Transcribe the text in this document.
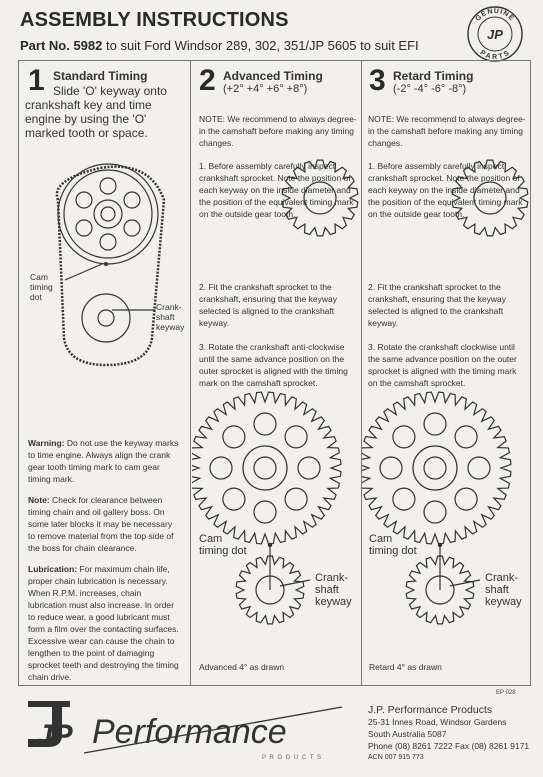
ASSEMBLY INSTRUCTIONS
Part No. 5982 to suit Ford Windsor 289, 302, 351/JP 5605 to suit EFI
GENUINE
PARTS
JP
1 Standard Timing
Slide 'O' keyway onto crankshaft key and time engine by using the 'O' marked tooth or space.
Cam timing dot
Crank-shaft keyway

Warning: Do not use the keyway marks to time engine. Always align the crank gear tooth timing mark to cam gear timing mark.

Note: Check for clearance between timing chain and oil gallery boss. On some later blocks it may be necessary to remove material from the top side of the boss for chain clearance.

Lubrication: For maximum chain life, proper chain lubrication is necessary. When R.P.M. increases, chain lubrication must also increase. In order to reduce wear, a good lubricant must form a film over the contacting surfaces. Excessive wear can cause the chain to lengthen to the point of damaging sprocket teeth and destroying the timing chain drive.

2 Advanced Timing
(+2° +4° +6° +8°)
NOTE: We recommend to always degree-in the camshaft before making any timing changes.
1. Before assembly carefully inspect crankshaft sprocket. Note the position of each keyway on the inside diameter and the position of the equivalent timing mark on the outside gear tooth.
2. Fit the crankshaft sprocket to the crankshaft, ensuring that the keyway selected is aligned to the crankshaft keyway.
3. Rotate the crankshaft anti-clockwise until the same advance position on the outer sprocket is aligned with the timing mark on the camshaft sprocket.
3 Retard Timing
(-2° -4° -6° -8°)
NOTE: We recommend to always degree-in the camshaft before making any timing changes.
1. Before assembly carefully inspect crankshaft sprocket. Note the position of each keyway on the inside diameter and the position of the equivalent timing mark on the outside gear tooth.
2. Fit the crankshaft sprocket to the crankshaft, ensuring that the keyway selected is aligned to the crankshaft keyway.
3. Rotate the crankshaft clockwise until the same advance position on the outer sprocket is aligned with the timing mark on the camshaft sprocket.
Cam timing dot
Crank-shaft keyway
Advanced 4° as drawn
Cam timing dot
Crank-shaft keyway
Retard 4° as drawn
EP 028
JP Performance
P R O D U C T S
J.P. Performance Products
25-31 Innes Road, Windsor Gardens
South Australia 5087
Phone (08) 8261 7222 Fax (08) 8261 9171
ACN 007 915 773
